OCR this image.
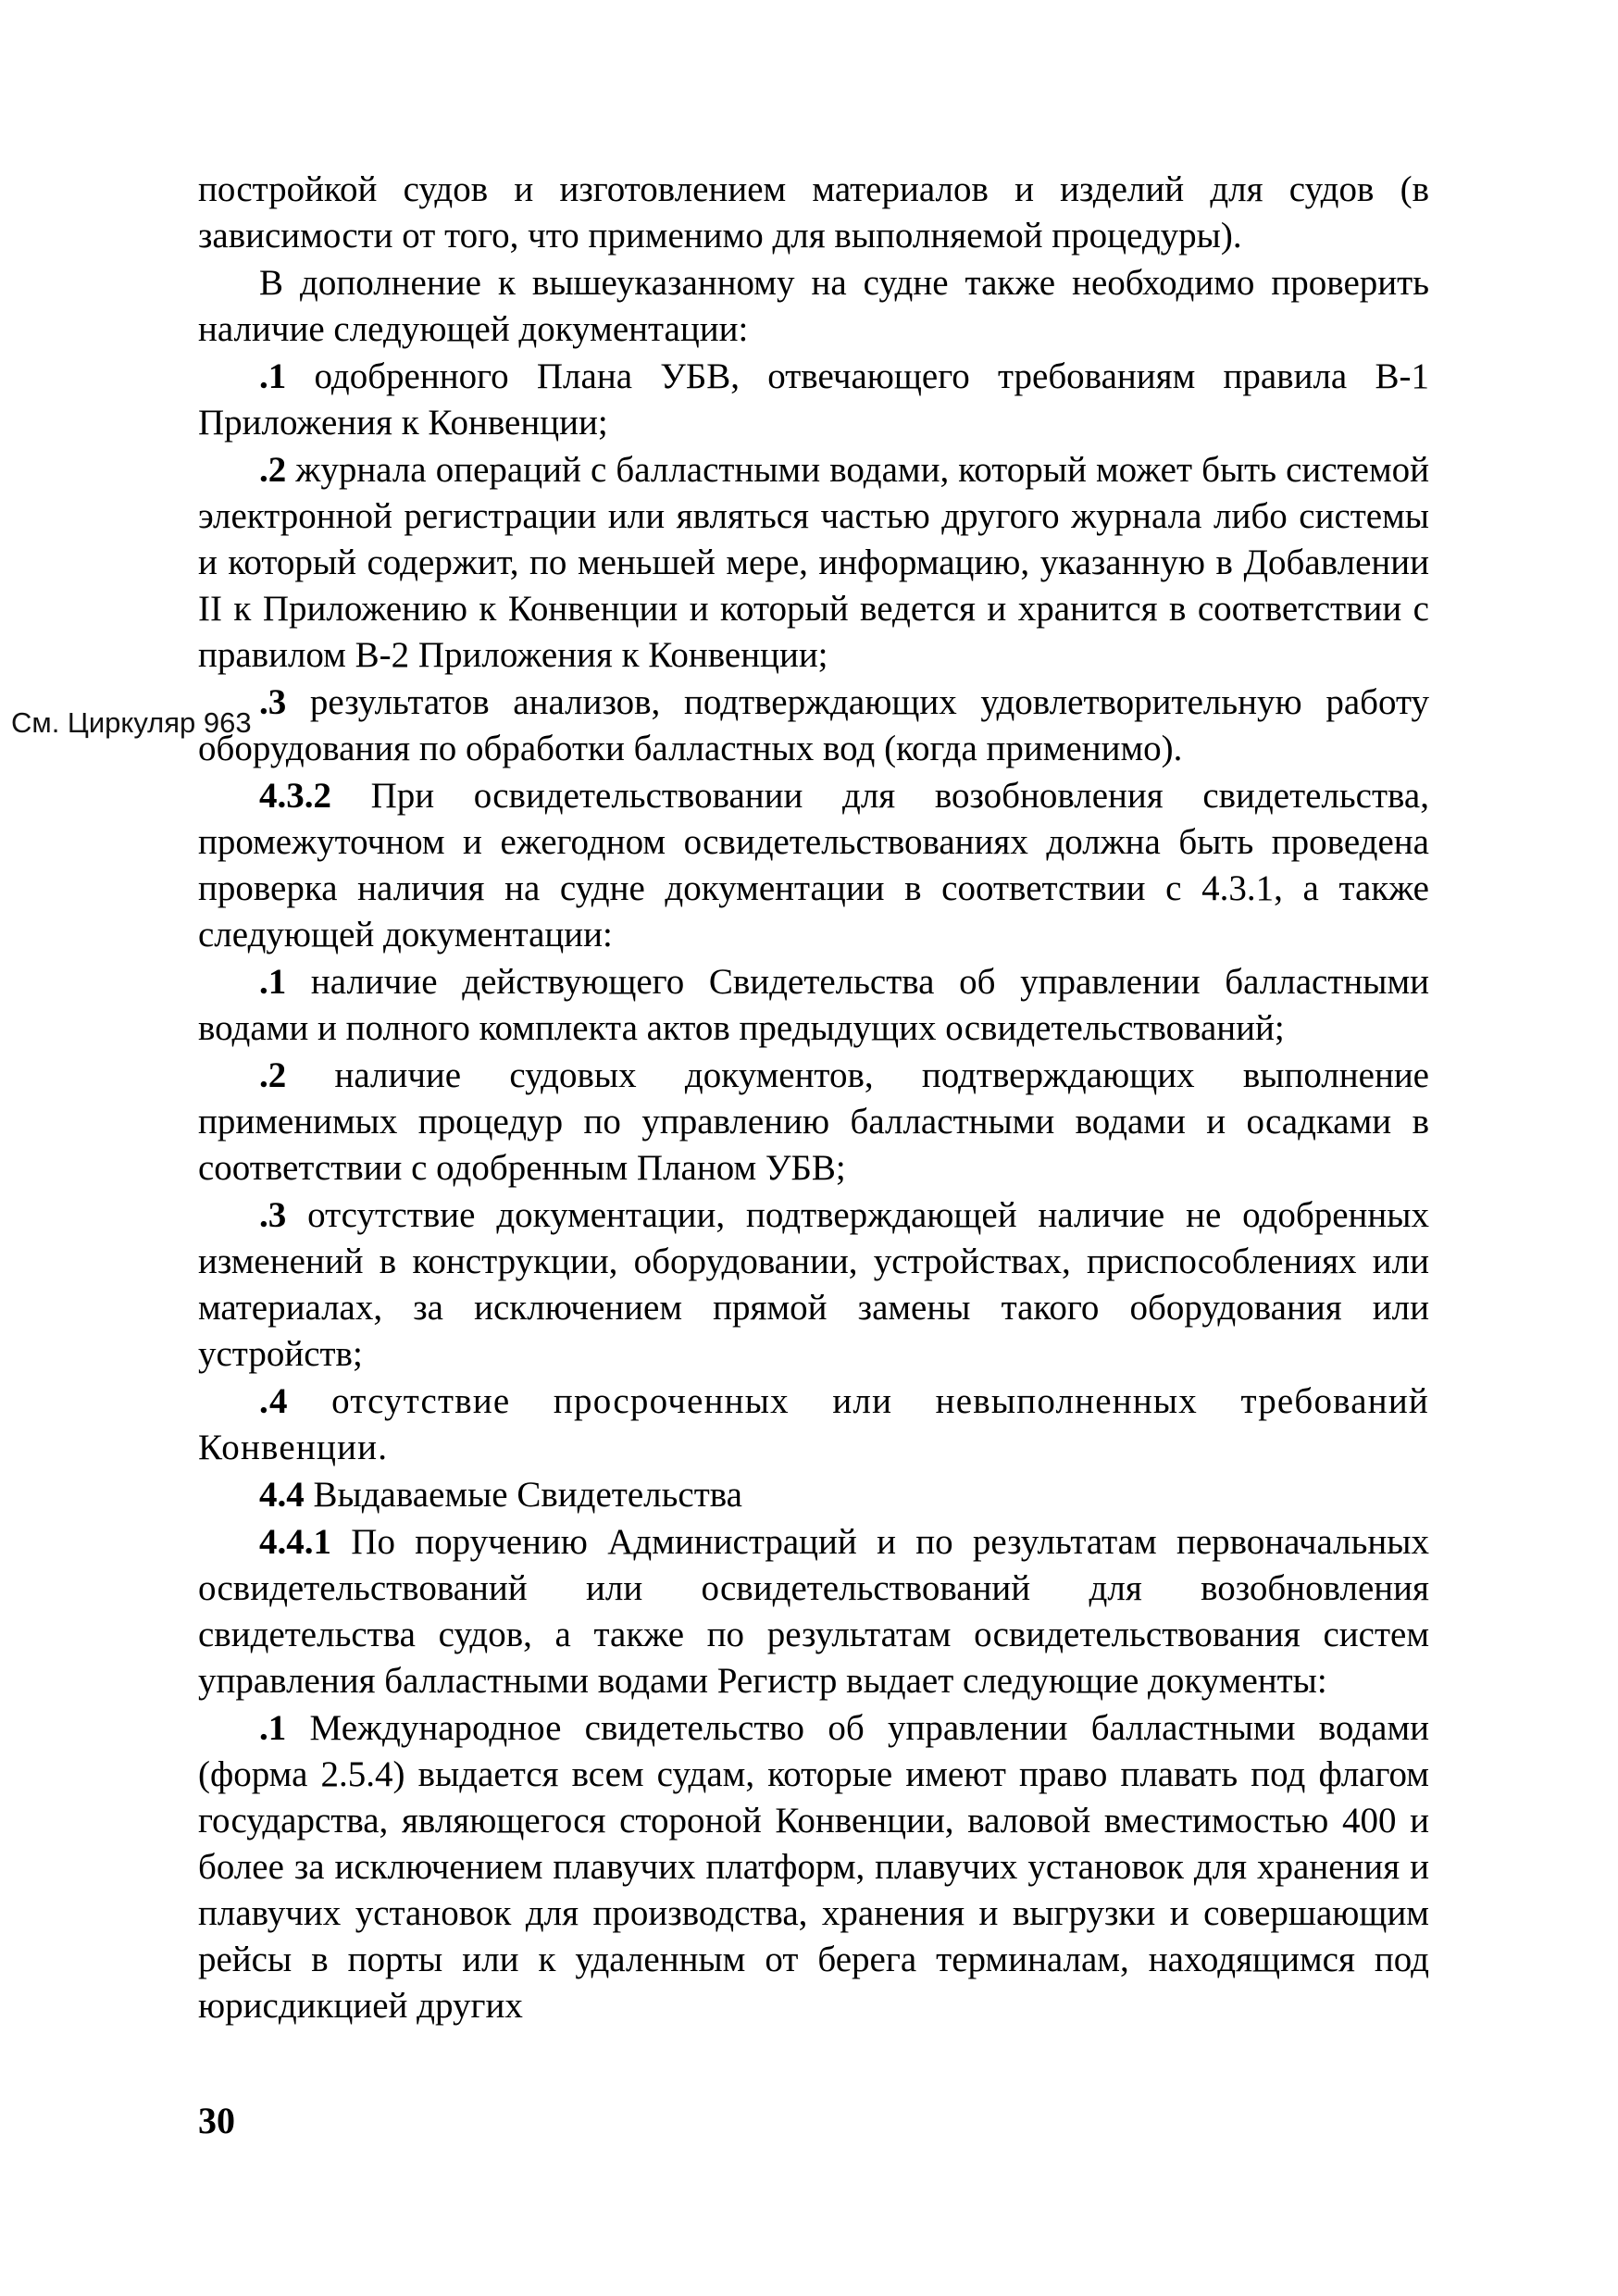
постройкой судов и изготовлением материалов и изделий для судов (в зависимости от того, что применимо для выполняемой процедуры).

В дополнение к вышеуказанному на судне также необходимо проверить наличие следующей документации:

.1 одобренного Плана УБВ, отвечающего требованиям правила В-1 Приложения к Конвенции;

.2 журнала операций с балластными водами, который может быть системой электронной регистрации или являться частью другого журнала либо системы и который содержит, по меньшей мере, информацию, указанную в Добавлении II к Приложению к Конвенции и который ведется и хранится в соответствии с правилом В-2 Приложения к Конвенции;

.3 результатов анализов, подтверждающих удовлетворительную работу оборудования по обработки балластных вод (когда применимо).

4.3.2 При освидетельствовании для возобновления свидетельства, промежуточном и ежегодном освидетельствованиях должна быть проведена проверка наличия на судне документации в соответствии с 4.3.1, а также следующей документации:

.1 наличие действующего Свидетельства об управлении балластными водами и полного комплекта актов предыдущих освидетельствований;

.2 наличие судовых документов, подтверждающих выполнение применимых процедур по управлению балластными водами и осадками в соответствии с одобренным Планом УБВ;

.3 отсутствие документации, подтверждающей наличие не одобренных изменений в конструкции, оборудовании, устройствах, приспособлениях или материалах, за исключением прямой замены такого оборудования или устройств;

.4 отсутствие просроченных или невыполненных требований Конвенции.

4.4 Выдаваемые Свидетельства

4.4.1 По поручению Администраций и по результатам первоначальных освидетельствований или освидетельствований для возобновления свидетельства судов, а также по результатам освидетельствования систем управления балластными водами Регистр выдает следующие документы:

.1 Международное свидетельство об управлении балластными водами (форма 2.5.4) выдается всем судам, которые имеют право плавать под флагом государства, являющегося стороной Конвенции, валовой вместимостью 400 и более за исключением плавучих платформ, плавучих установок для хранения и плавучих установок для производства, хранения и выгрузки и совершающим рейсы в порты или к удаленным от берега терминалам, находящимся под юрисдикцией других

См. Циркуляр 963
30
